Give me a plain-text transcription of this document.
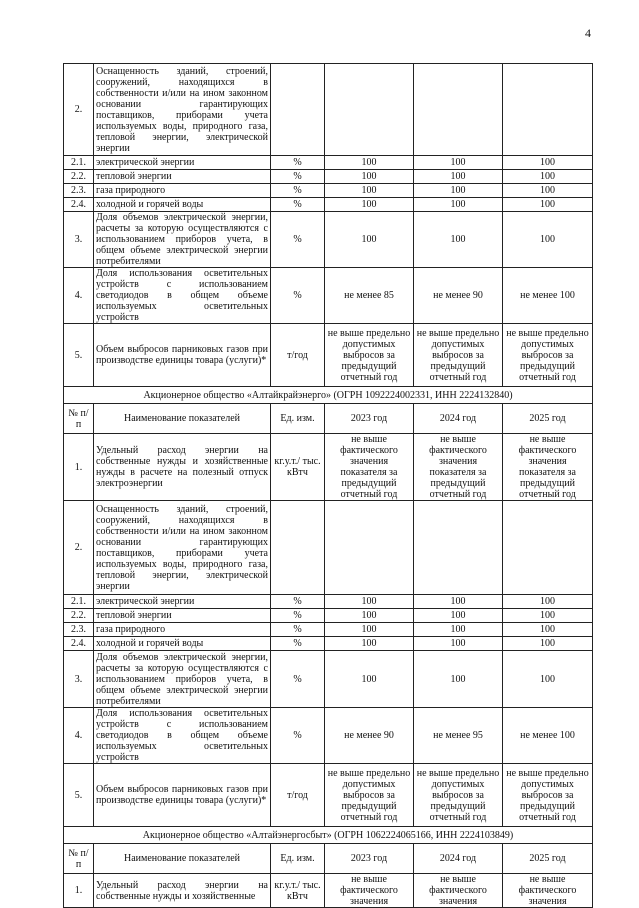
4
2.	Оснащенность зданий, строений, сооружений, находящихся в собственности и/или на ином законном основании гарантирующих поставщиков, приборами учета используемых воды, природного газа, тепловой энергии, электрической энергии				
2.1.	электрической энергии	%	100	100	100
2.2.	тепловой энергии	%	100	100	100
2.3.	газа природного	%	100	100	100
2.4.	холодной и горячей воды	%	100	100	100
3.	Доля объемов электрической энергии, расчеты за которую осуществляются с использованием приборов учета, в общем объеме электрической энергии потребителями	%	100	100	100
4.	Доля использования осветительных устройств с использованием светодиодов в общем объеме используемых осветительных устройств	%	не менее 85	не менее 90	не менее 100
5.	Объем выбросов парниковых газов при производстве единицы товара (услуги)*	т/год	не выше предельно допустимых выбросов за предыдущий отчетный год	не выше предельно допустимых выбросов за предыдущий отчетный год	не выше предельно допустимых выбросов за предыдущий отчетный год
Акционерное общество «Алтайкрайэнерго» (ОГРН 1092224002331, ИНН 2224132840)					
№ п/п	Наименование показателей	Ед. изм.	2023 год	2024 год	2025 год
1.	Удельный расход энергии на собственные нужды и хозяйственные нужды в расчете на полезный отпуск электроэнергии	кг.у.т./ тыс. кВтч	не выше фактического значения показателя за предыдущий отчетный год	не выше фактического значения показателя за предыдущий отчетный год	не выше фактического значения показателя за предыдущий отчетный год
2.	Оснащенность зданий, строений, сооружений, находящихся в собственности и/или на ином законном основании гарантирующих поставщиков, приборами учета используемых воды, природного газа, тепловой энергии, электрической энергии				
2.1.	электрической энергии	%	100	100	100
2.2.	тепловой энергии	%	100	100	100
2.3.	газа природного	%	100	100	100
2.4.	холодной и горячей воды	%	100	100	100
3.	Доля объемов электрической энергии, расчеты за которую осуществляются с использованием приборов учета, в общем объеме электрической энергии потребителями	%	100	100	100
4.	Доля использования осветительных устройств с использованием светодиодов в общем объеме используемых осветительных устройств	%	не менее 90	не менее 95	не менее 100
5.	Объем выбросов парниковых газов при производстве единицы товара (услуги)*	т/год	не выше предельно допустимых выбросов за предыдущий отчетный год	не выше предельно допустимых выбросов за предыдущий отчетный год	не выше предельно допустимых выбросов за предыдущий отчетный год
Акционерное общество «Алтайэнергосбыт» (ОГРН 1062224065166, ИНН 2224103849)					
№ п/п	Наименование показателей	Ед. изм.	2023 год	2024 год	2025 год
1.	Удельный расход энергии на собственные нужды и хозяйственные	кг.у.т./ тыс. кВтч	не выше фактического значения	не выше фактического значения	не выше фактического значения
